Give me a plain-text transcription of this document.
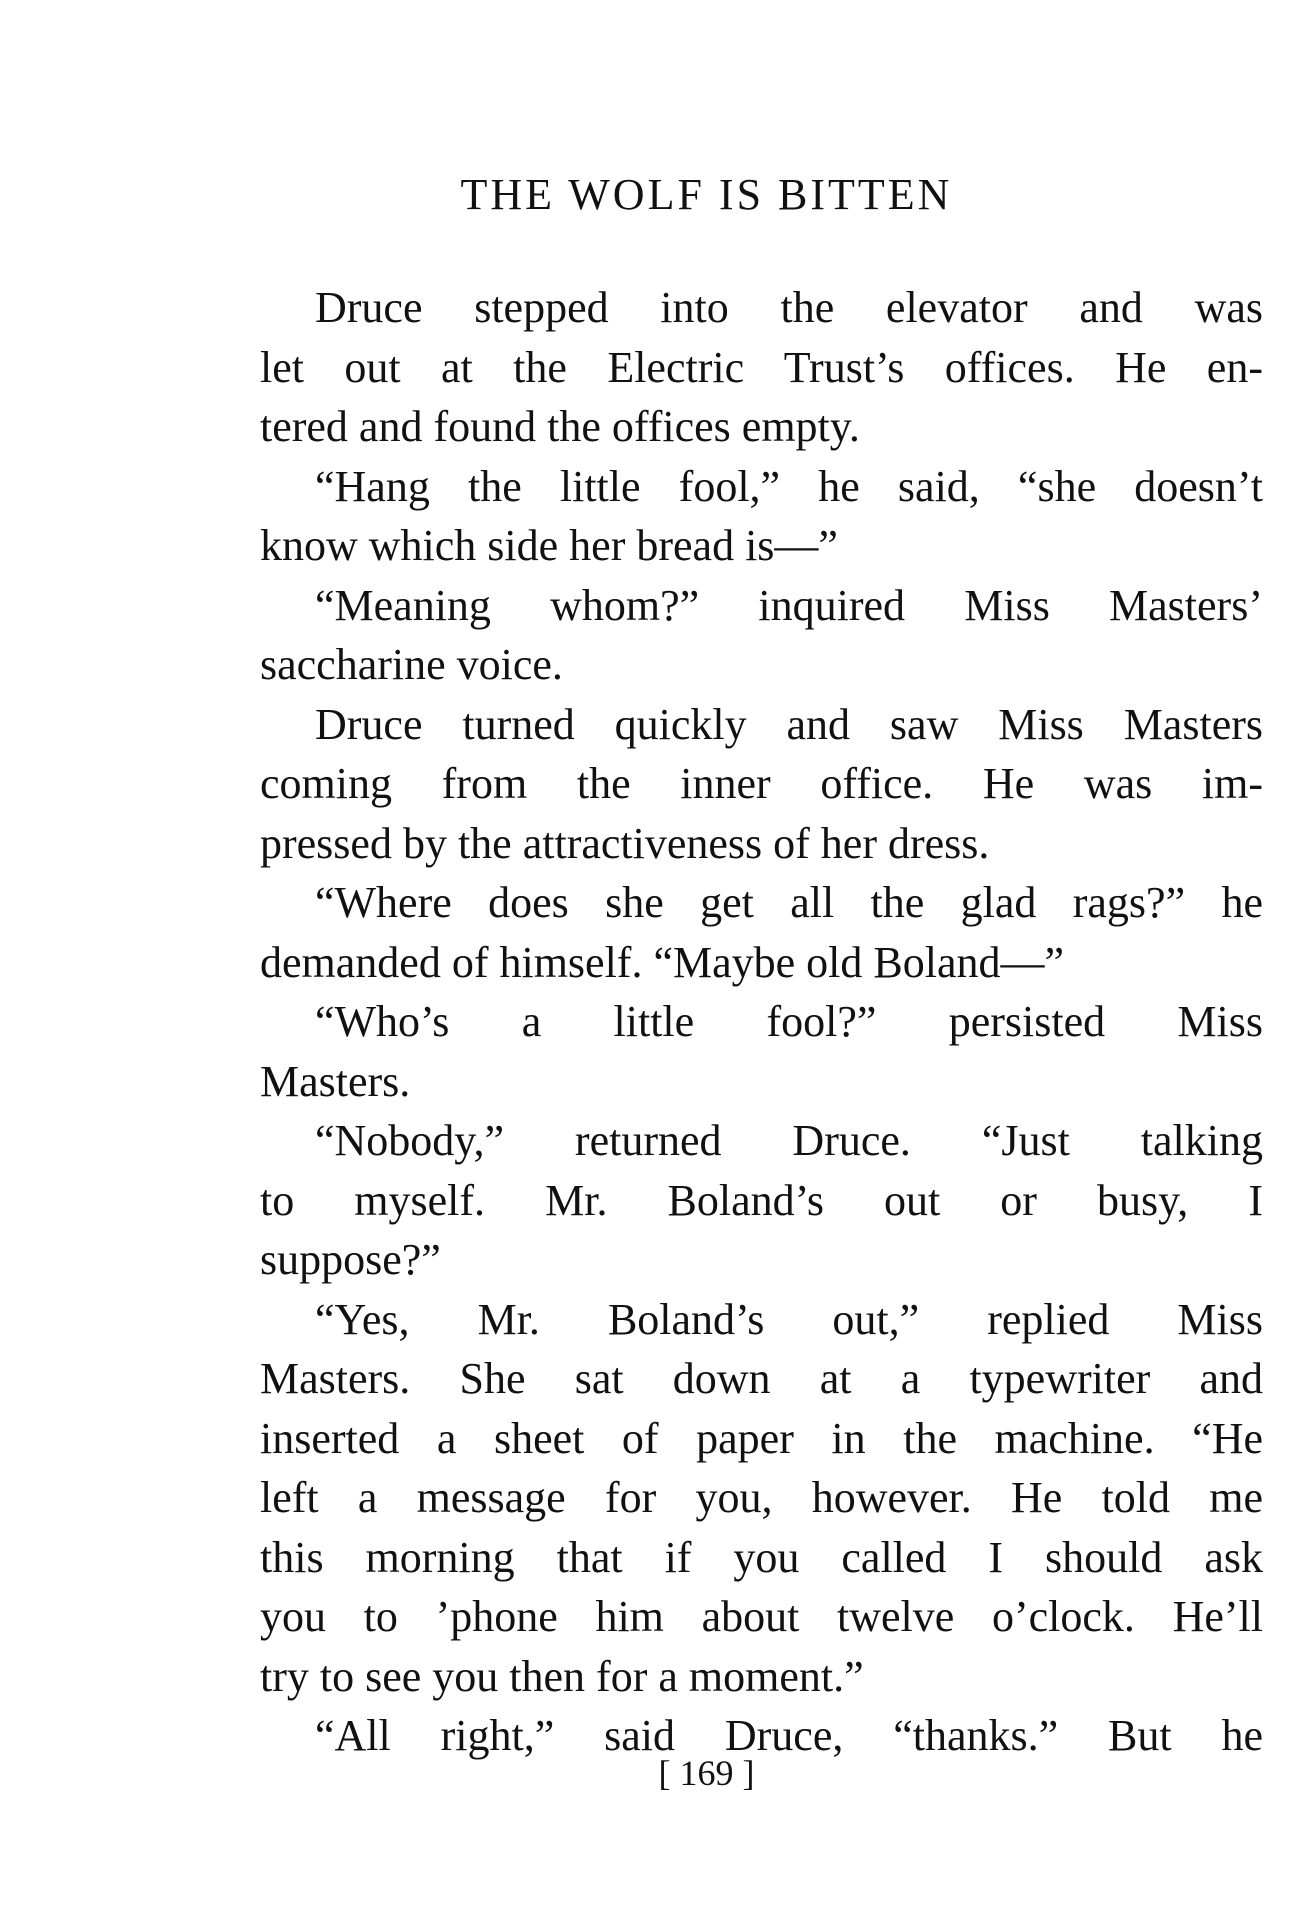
THE WOLF IS BITTEN
Druce stepped into the elevator and was
let out at the Electric Trust’s offices. He en-
tered and found the offices empty.
“Hang the little fool,” he said, “she doesn’t
know which side her bread is—”
“Meaning whom?” inquired Miss Masters’
saccharine voice.
Druce turned quickly and saw Miss Masters
coming from the inner office. He was im-
pressed by the attractiveness of her dress.
“Where does she get all the glad rags?” he
demanded of himself. “Maybe old Boland—”
“Who’s a little fool?” persisted Miss
Masters.
“Nobody,” returned Druce. “Just talking
to myself. Mr. Boland’s out or busy, I
suppose?”
“Yes, Mr. Boland’s out,” replied Miss
Masters. She sat down at a typewriter and
inserted a sheet of paper in the machine. “He
left a message for you, however. He told me
this morning that if you called I should ask
you to ’phone him about twelve o’clock. He’ll
try to see you then for a moment.”
“All right,” said Druce, “thanks.” But he
[ 169 ]
